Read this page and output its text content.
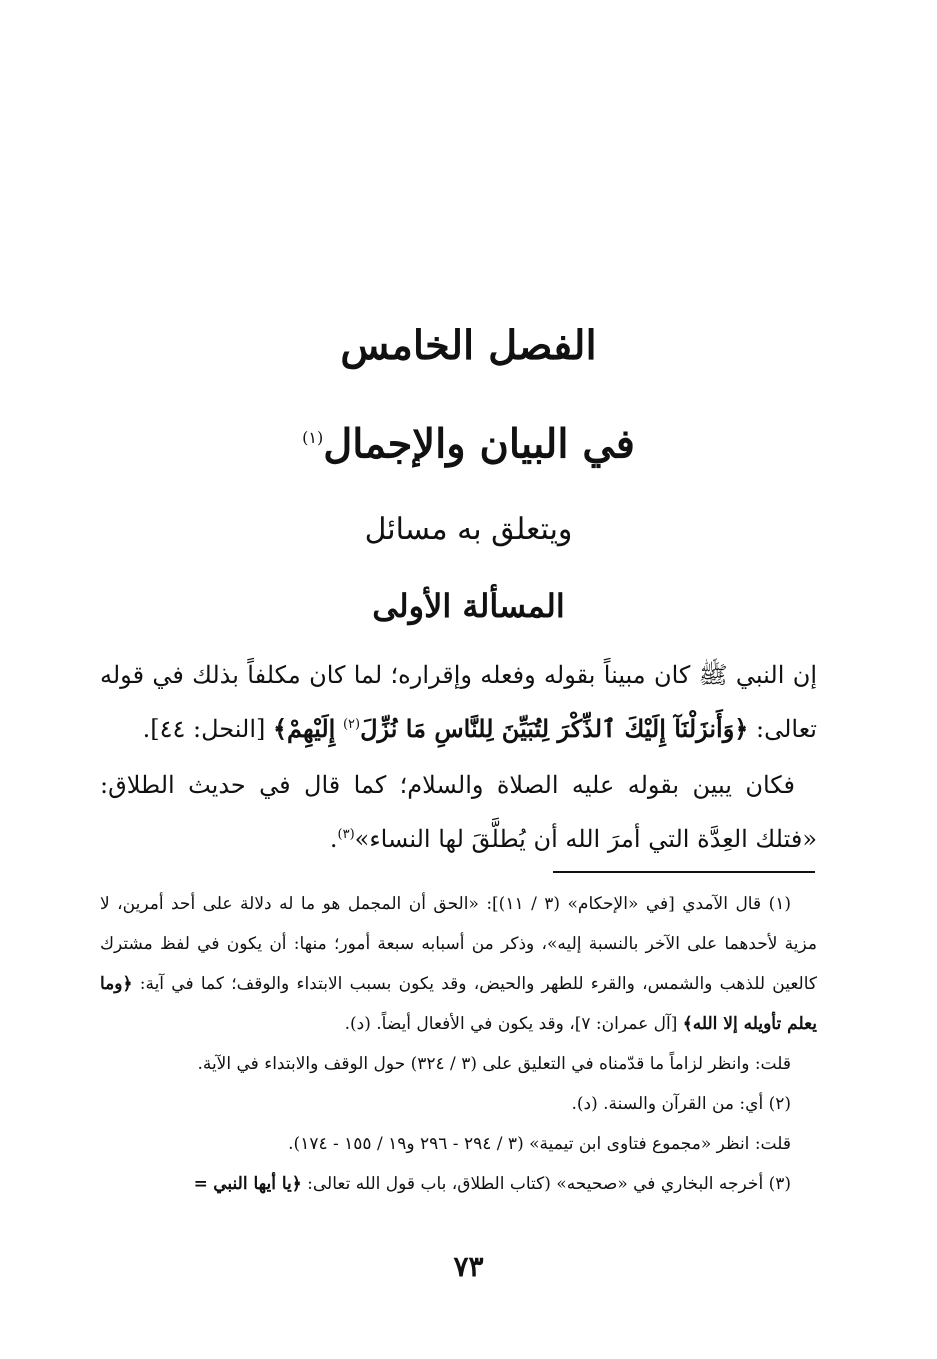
الفصل الخامس
في البيان والإجمال$^{(١)}$
ويتعلق به مسائل
المسألة الأولى
إن النبي ﷺ كان مبيناً بقوله وفعله وإقراره؛ لما كان مكلفاً بذلك في قوله تعالى: ﴿وَأَنزَلْنَآ إِلَيْكَ ٱلذِّكْرَ لِتُبَيِّنَ لِلنَّاسِ مَا نُزِّلَ$^{(٢)}$ إِلَيْهِمْ﴾ [النحل: ٤٤].
فكان يبين بقوله عليه الصلاة والسلام؛ كما قال في حديث الطلاق: «فتلك العِدَّة التي أمرَ الله أن يُطلَّقَ لها النساء»$^{(٣)}$.

(١) قال الآمدي [في «الإحكام» (٣ / ١١)]: «الحق أن المجمل هو ما له دلالة على أحد أمرين، لا مزية لأحدهما على الآخر بالنسبة إليه»، وذكر من أسبابه سبعة أمور؛ منها: أن يكون في لفظ مشترك كالعين للذهب والشمس، والقرء للطهر والحيض، وقد يكون بسبب الابتداء والوقف؛ كما في آية: ﴿وما يعلم تأويله إلا الله﴾ [آل عمران: ٧]، وقد يكون في الأفعال أيضاً. (د).

قلت: وانظر لزاماً ما قدّمناه في التعليق على (٣ / ٣٢٤) حول الوقف والابتداء في الآية.

(٢) أي: من القرآن والسنة. (د).

قلت: انظر «مجموع فتاوى ابن تيمية» (٣ / ٢٩٤ - ٢٩٦ و١٩ / ١٥٥ - ١٧٤).

(٣) أخرجه البخاري في «صحيحه» (كتاب الطلاق، باب قول الله تعالى: ﴿يا أيها النبي =

٧٣
